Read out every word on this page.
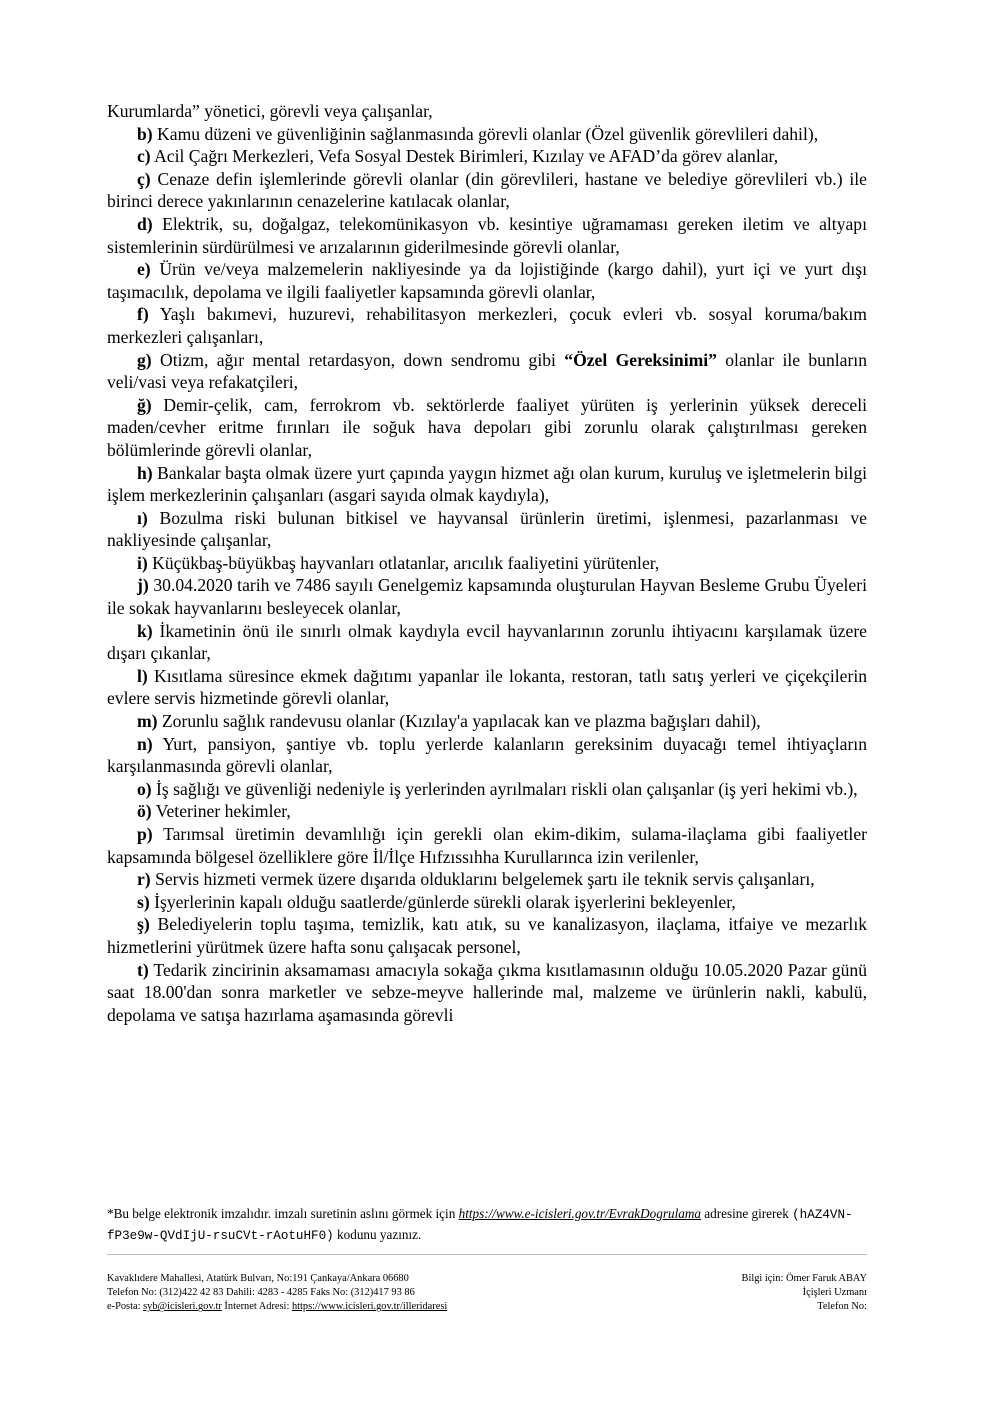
Kurumlarda” yönetici, görevli veya çalışanlar,

b) Kamu düzeni ve güvenliğinin sağlanmasında görevli olanlar (Özel güvenlik görevlileri dahil),

c) Acil Çağrı Merkezleri, Vefa Sosyal Destek Birimleri, Kızılay ve AFAD’da görev alanlar,

ç) Cenaze defin işlemlerinde görevli olanlar (din görevlileri, hastane ve belediye görevlileri vb.) ile birinci derece yakınlarının cenazelerine katılacak olanlar,

d) Elektrik, su, doğalgaz, telekomünikasyon vb. kesintiye uğramaması gereken iletim ve altyapı sistemlerinin sürdürülmesi ve arızalarının giderilmesinde görevli olanlar,

e) Ürün ve/veya malzemelerin nakliyesinde ya da lojistiğinde (kargo dahil), yurt içi ve yurt dışı taşımacılık, depolama ve ilgili faaliyetler kapsamında görevli olanlar,

f) Yaşlı bakımevi, huzurevi, rehabilitasyon merkezleri, çocuk evleri vb. sosyal koruma/bakım merkezleri çalışanları,

g) Otizm, ağır mental retardasyon, down sendromu gibi “Özel Gereksinimi” olanlar ile bunların veli/vasi veya refakatçileri,

ğ) Demir-çelik, cam, ferrokrom vb. sektörlerde faaliyet yürüten iş yerlerinin yüksek dereceli maden/cevher eritme fırınları ile soğuk hava depoları gibi zorunlu olarak çalıştırılması gereken bölümlerinde görevli olanlar,

h) Bankalar başta olmak üzere yurt çapında yaygın hizmet ağı olan kurum, kuruluş ve işletmelerin bilgi işlem merkezlerinin çalışanları (asgari sayıda olmak kaydıyla),

ı) Bozulma riski bulunan bitkisel ve hayvansal ürünlerin üretimi, işlenmesi, pazarlanması ve nakliyesinde çalışanlar,

i) Küçükbaş-büyükbaş hayvanları otlatanlar, arıcılık faaliyetini yürütenler,

j) 30.04.2020 tarih ve 7486 sayılı Genelgemiz kapsamında oluşturulan Hayvan Besleme Grubu Üyeleri ile sokak hayvanlarını besleyecek olanlar,

k) İkametinin önü ile sınırlı olmak kaydıyla evcil hayvanlarının zorunlu ihtiyacını karşılamak üzere dışarı çıkanlar,

l) Kısıtlama süresince ekmek dağıtımı yapanlar ile lokanta, restoran, tatlı satış yerleri ve çiçekçilerin evlere servis hizmetinde görevli olanlar,

m) Zorunlu sağlık randevusu olanlar (Kızılay'a yapılacak kan ve plazma bağışları dahil),

n) Yurt, pansiyon, şantiye vb. toplu yerlerde kalanların gereksinim duyacağı temel ihtiyaçların karşılanmasında görevli olanlar,

o) İş sağlığı ve güvenliği nedeniyle iş yerlerinden ayrılmaları riskli olan çalışanlar (iş yeri hekimi vb.),

ö) Veteriner hekimler,

p) Tarımsal üretimin devamlılığı için gerekli olan ekim-dikim, sulama-ilaçlama gibi faaliyetler kapsamında bölgesel özelliklere göre İl/İlçe Hıfzıssıhha Kurullarınca izin verilenler,

r) Servis hizmeti vermek üzere dışarıda olduklarını belgelemek şartı ile teknik servis çalışanları,

s) İşyerlerinin kapalı olduğu saatlerde/günlerde sürekli olarak işyerlerini bekleyenler,

ş) Belediyelerin toplu taşıma, temizlik, katı atık, su ve kanalizasyon, ilaçlama, itfaiye ve mezarlık hizmetlerini yürütmek üzere hafta sonu çalışacak personel,

t) Tedarik zincirinin aksamaması amacıyla sokağa çıkma kısıtlamasının olduğu 10.05.2020 Pazar günü saat 18.00'dan sonra marketler ve sebze-meyve hallerinde mal, malzeme ve ürünlerin nakli, kabulü, depolama ve satışa hazırlama aşamasında görevli

*Bu belge elektronik imzalıdır. imzalı suretinin aslını görmek için https://www.e-icisleri.gov.tr/EvrakDogrulama adresine girerek (hAZ4VN-fP3e9w-QVdIjU-rsuCVt-rAotuHF0) kodunu yazınız.
Kavaklıdere Mahallesi, Atatürk Bulvarı, No:191 Çankaya/Ankara 06680
Telefon No: (312)422 42 83 Dahili: 4283 - 4285 Faks No: (312)417 93 86
e-Posta: syb@icisleri.gov.tr İnternet Adresi: https://www.icisleri.gov.tr/illeridaresi
Bilgi için: Ömer Faruk ABAY
İçişleri Uzmanı
Telefon No:
